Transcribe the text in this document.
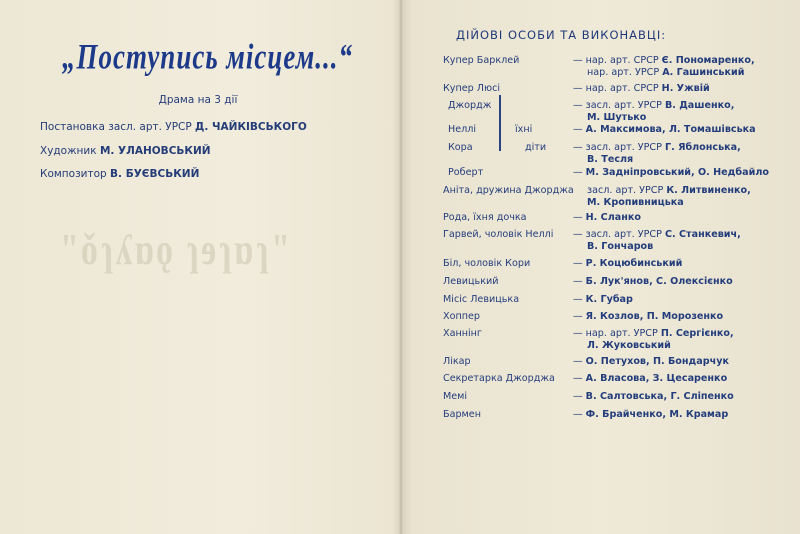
"ǒɿʎɒǫ ɿɘɿɒɿ"
„Поступись місцем...“
Драма на 3 дії
Постановка засл. арт. УРСР Д. ЧАЙКІВСЬКОГО
Художник М. УЛАНОВСЬКИЙ
Композитор В. БУЄВСЬКИЙ
ДІЙОВІ ОСОБИ ТА ВИКОНАВЦІ:
їхні
діти
Купер Барклей	— нар. арт. СРСР Є. Пономаренко,
нар. арт. УРСР А. Гашинський
Купер Люсі	— нар. арт. СРСР Н. Ужвій
Джордж	— засл. арт. УРСР В. Дашенко,
М. Шутько
Неллі	— А. Максимова, Л. Томашівська
Кора	— засл. арт. УРСР Г. Яблонська,
В. Тесля
Роберт	— М. Задніпровський, О. Недбайло
Аніта, дружина Джорджа засл. арт. УРСР К. Литвиненко,
М. Кропивницька
Рода, їхня дочка	— Н. Сланко
Гарвей, чоловік Неллі — засл. арт. УРСР С. Станкевич,
В. Гончаров
Біл, чоловік Кори	— Р. Коцюбинський
Левицький	— Б. Лук'янов, С. Олексієнко
Місіс Левицька	— К. Губар
Хоппер	— Я. Козлов, П. Морозенко
Ханнінг	— нар. арт. УРСР П. Сергієнко,
Л. Жуковський
Лікар	— О. Петухов, П. Бондарчук
Секретарка Джорджа — А. Власова, З. Цесаренко
Мемі	— В. Салтовська, Г. Сліпенко
Бармен	— Ф. Брайченко, М. Крамар
